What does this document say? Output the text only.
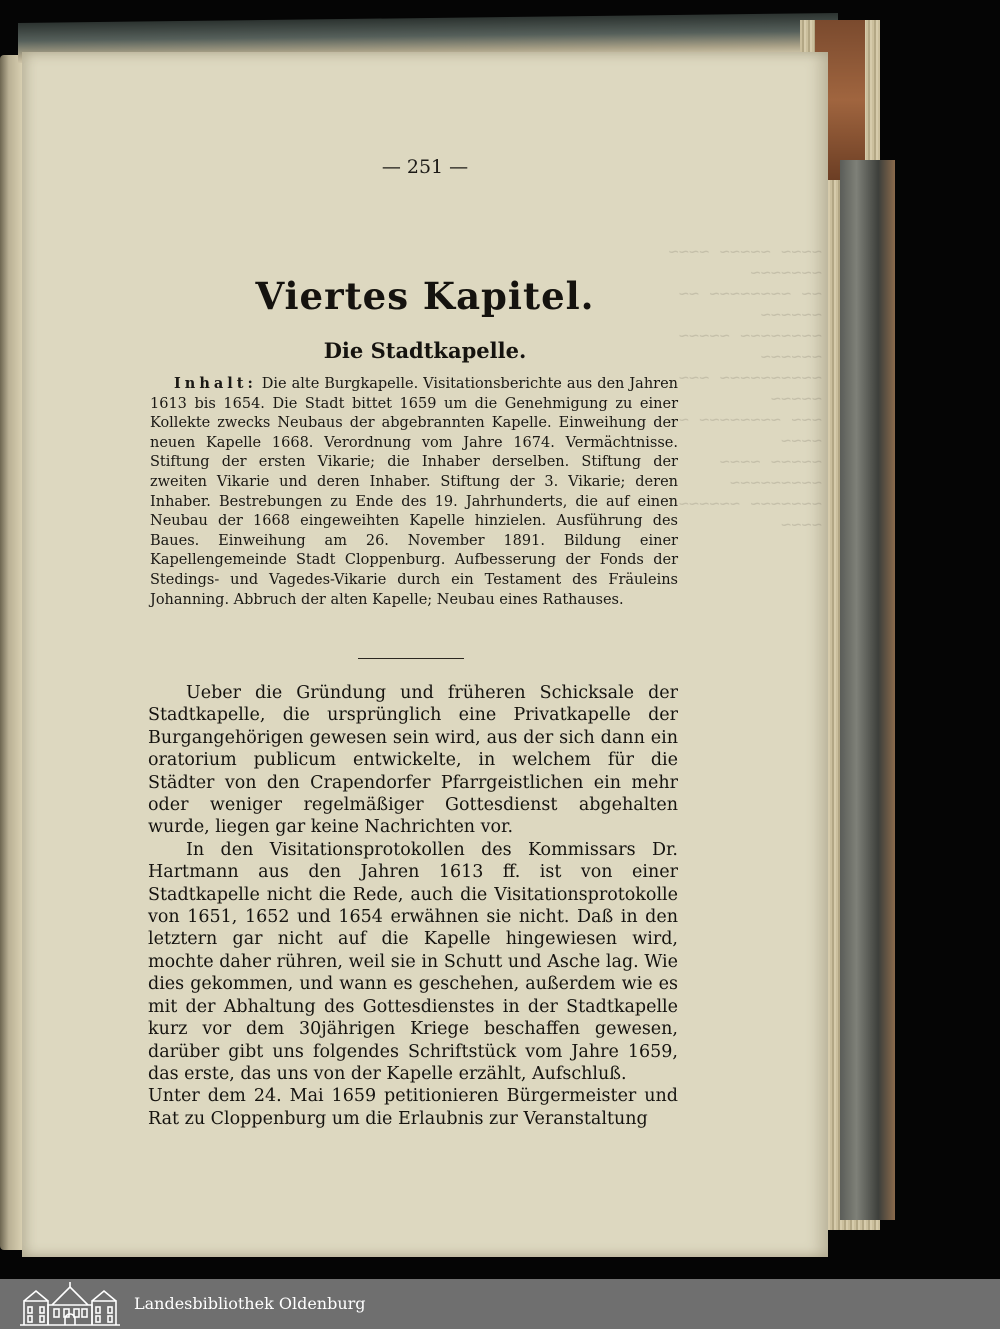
~~~~ ~~~~~ ~~~~ ~~~~~~~
~~ ~~~~~~~~ ~~ ~~~~~~
~~~~~~~~ ~~~~~ ~~~~~~
~~~~~~~~~~ ~~~ ~~~~~
~~~ ~~~~~~~~ ~~ ~~~~
~~~~~ ~~~~ ~~~~~~~~~
~~~~~~~ ~~~~~~ ~~~~
— 251 —
Viertes Kapitel.
Die Stadtkapelle.
Inhalt: Die alte Burgkapelle. Visitationsberichte aus den Jahren 1613 bis 1654. Die Stadt bittet 1659 um die Genehmigung zu einer Kollekte zwecks Neubaus der abgebrannten Kapelle. Einweihung der neuen Kapelle 1668. Verordnung vom Jahre 1674. Vermächtnisse. Stiftung der ersten Vikarie; die Inhaber derselben. Stiftung der zweiten Vikarie und deren Inhaber. Stiftung der 3. Vikarie; deren Inhaber. Bestrebungen zu Ende des 19. Jahrhunderts, die auf einen Neubau der 1668 eingeweihten Kapelle hinzielen. Ausführung des Baues. Einweihung am 26. November 1891. Bildung einer Kapellengemeinde Stadt Cloppenburg. Aufbesserung der Fonds der Stedings- und Vagedes-Vikarie durch ein Testament des Fräuleins Johanning. Abbruch der alten Kapelle; Neubau eines Rathauses.

Ueber die Gründung und früheren Schicksale der Stadtkapelle, die ursprünglich eine Privatkapelle der Burgangehörigen gewesen sein wird, aus der sich dann ein oratorium publicum entwickelte, in welchem für die Städter von den Crapendorfer Pfarrgeistlichen ein mehr oder weniger regelmäßiger Gottesdienst abgehalten wurde, liegen gar keine Nachrichten vor.

In den Visitationsprotokollen des Kommissars Dr. Hartmann aus den Jahren 1613 ff. ist von einer Stadtkapelle nicht die Rede, auch die Visitationsprotokolle von 1651, 1652 und 1654 erwähnen sie nicht. Daß in den letztern gar nicht auf die Kapelle hingewiesen wird, mochte daher rühren, weil sie in Schutt und Asche lag. Wie dies gekommen, und wann es geschehen, außerdem wie es mit der Abhaltung des Gottesdienstes in der Stadtkapelle kurz vor dem 30jährigen Kriege beschaffen gewesen, darüber gibt uns folgendes Schriftstück vom Jahre 1659, das erste, das uns von der Kapelle erzählt, Aufschluß.

Unter dem 24. Mai 1659 petitionieren Bürgermeister und Rat zu Cloppenburg um die Erlaubnis zur Veranstaltung

Landesbibliothek Oldenburg
